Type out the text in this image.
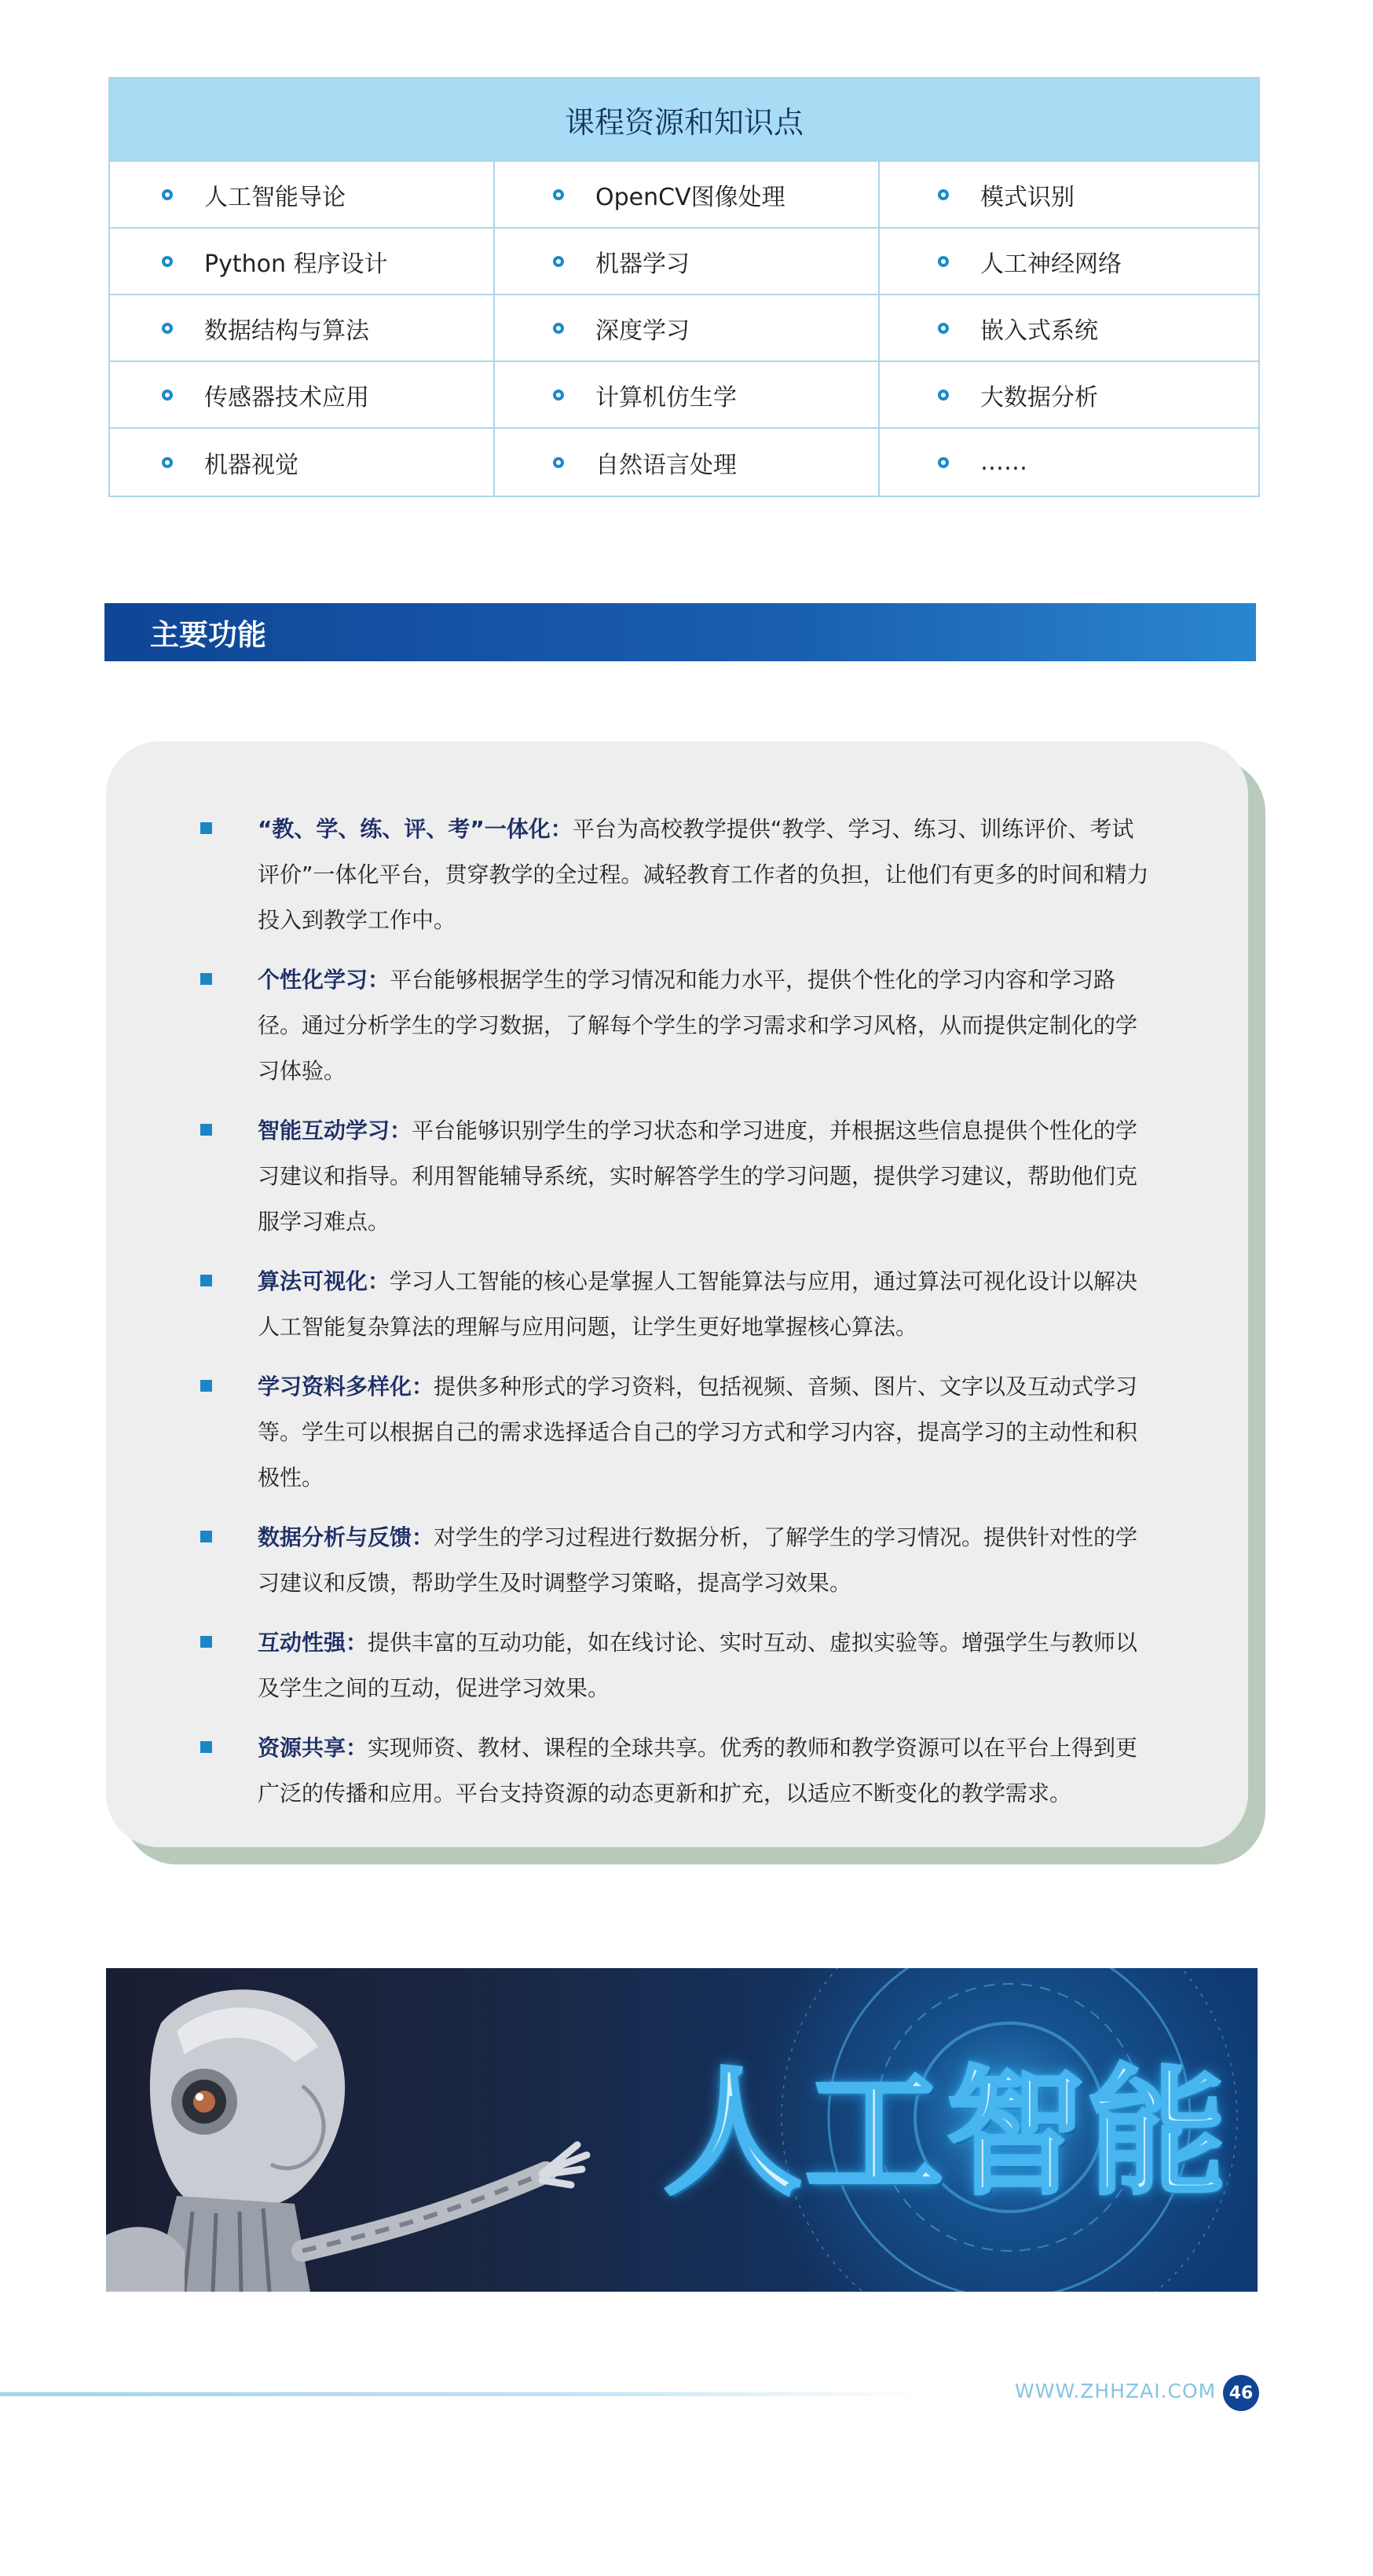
课程资源和知识点
人工智能导论	OpenCV图像处理	模式识别
Python 程序设计	机器学习	人工神经网络
数据结构与算法	深度学习	嵌入式系统
传感器技术应用	计算机仿生学	大数据分析
机器视觉	自然语言处理	……
主要功能
“教、学、练、评、考”一体化：平台为高校教学提供“教学、学习、练习、训练评价、考试评价”一体化平台，贯穿教学的全过程。减轻教育工作者的负担，让他们有更多的时间和精力投入到教学工作中。
个性化学习：平台能够根据学生的学习情况和能力水平，提供个性化的学习内容和学习路径。通过分析学生的学习数据，了解每个学生的学习需求和学习风格，从而提供定制化的学习体验。
智能互动学习：平台能够识别学生的学习状态和学习进度，并根据这些信息提供个性化的学习建议和指导。利用智能辅导系统，实时解答学生的学习问题，提供学习建议，帮助他们克服学习难点。
算法可视化：学习人工智能的核心是掌握人工智能算法与应用，通过算法可视化设计以解决人工智能复杂算法的理解与应用问题，让学生更好地掌握核心算法。
学习资料多样化：提供多种形式的学习资料，包括视频、音频、图片、文字以及互动式学习等。学生可以根据自己的需求选择适合自己的学习方式和学习内容，提高学习的主动性和积极性。
数据分析与反馈：对学生的学习过程进行数据分析，了解学生的学习情况。提供针对性的学习建议和反馈，帮助学生及时调整学习策略，提高学习效果。
互动性强：提供丰富的互动功能，如在线讨论、实时互动、虚拟实验等。增强学生与教师以及学生之间的互动，促进学习效果。
资源共享：实现师资、教材、课程的全球共享。优秀的教师和教学资源可以在平台上得到更广泛的传播和应用。平台支持资源的动态更新和扩充，以适应不断变化的教学需求。
人工智能
WWW.ZHHZAI.COM 46
